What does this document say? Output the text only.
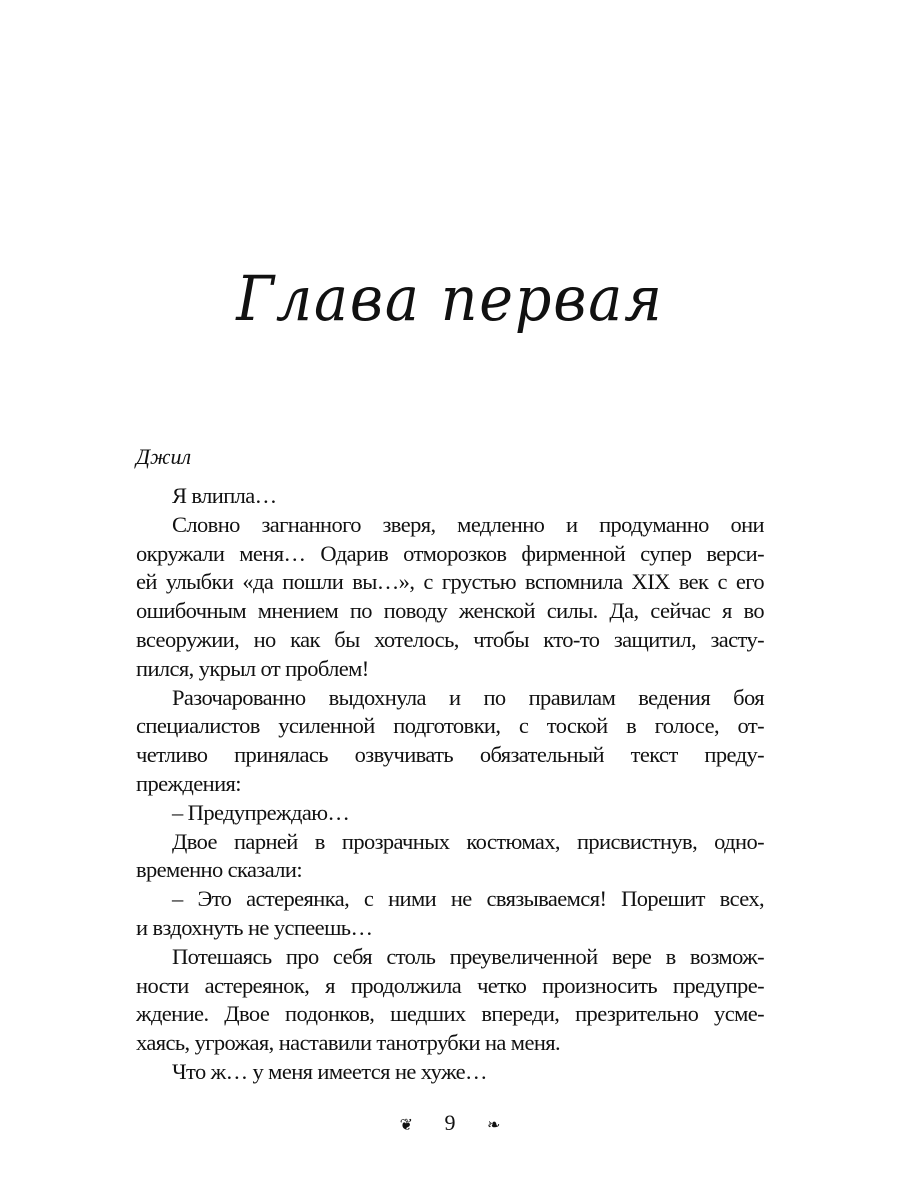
Глава первая
Джил
Я влипла…
Словно загнанного зверя, медленно и продуманно они
окружали меня… Одарив отморозков фирменной супер верси-
ей улыбки «да пошли вы…», с грустью вспомнила XIX век с его
ошибочным мнением по поводу женской силы. Да, сейчас я во
всеоружии, но как бы хотелось, чтобы кто-то защитил, засту-
пился, укрыл от проблем!
Разочарованно выдохнула и по правилам ведения боя
специалистов усиленной подготовки, с тоской в голосе, от-
четливо принялась озвучивать обязательный текст преду-
преждения:
– Предупреждаю…
Двое парней в прозрачных костюмах, присвистнув, одно-
временно сказали:
– Это астереянка, с ними не связываемся! Порешит всех,
и вздохнуть не успеешь…
Потешаясь про себя столь преувеличенной вере в возмож-
ности астереянок, я продолжила четко произносить предупре-
ждение. Двое подонков, шедших впереди, презрительно усме-
хаясь, угрожая, наставили танотрубки на меня.
Что ж… у меня имеется не хуже…
❦ 9 ❧
